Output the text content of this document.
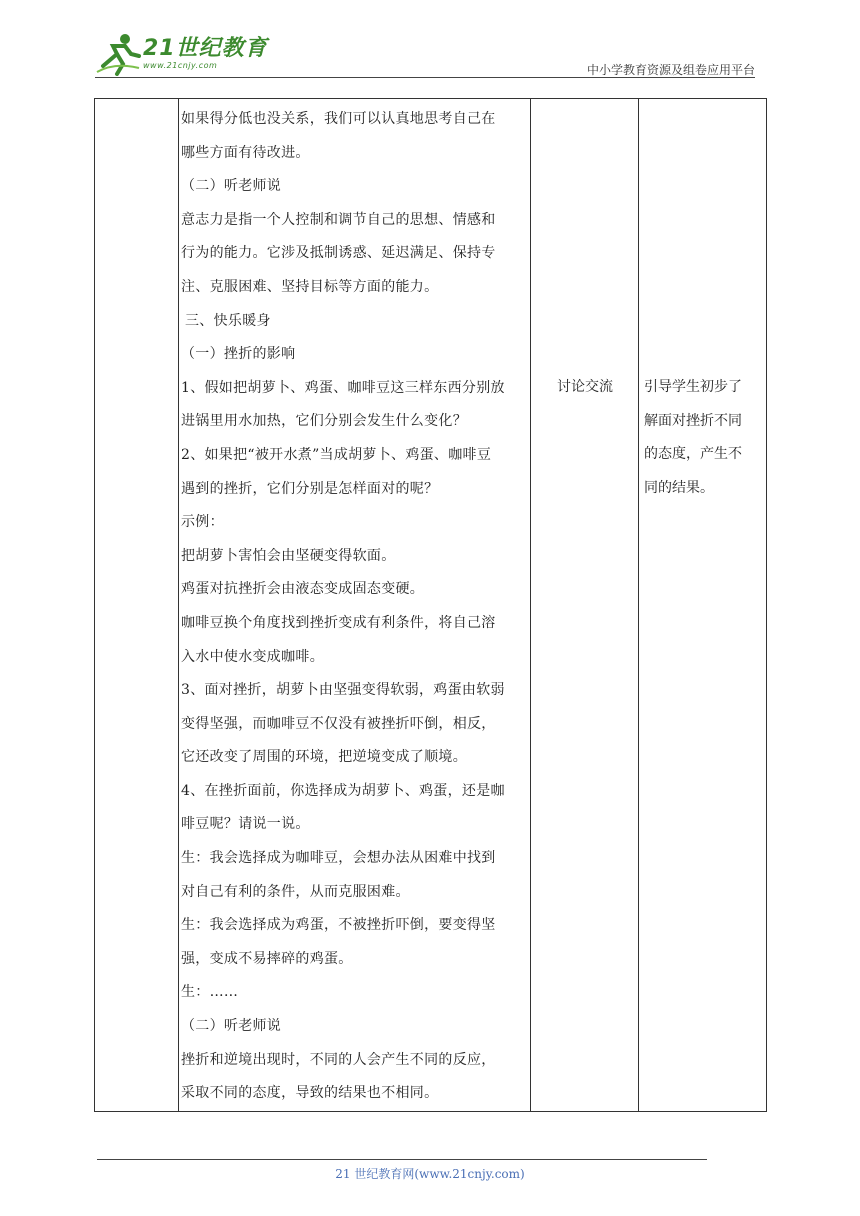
21世纪教育
www.21cnjy.com	中小学教育资源及组卷应用平台

如果得分低也没关系，我们可以认真地思考自己在

哪些方面有待改进。

（二）听老师说

意志力是指一个人控制和调节自己的思想、情感和

行为的能力。它涉及抵制诱惑、延迟满足、保持专

注、克服困难、坚持目标等方面的能力。

三、快乐暖身

（一）挫折的影响

1、假如把胡萝卜、鸡蛋、咖啡豆这三样东西分别放

进锅里用水加热，它们分别会发生什么变化？

2、如果把“被开水煮”当成胡萝卜、鸡蛋、咖啡豆

遇到的挫折，它们分别是怎样面对的呢？

示例：

把胡萝卜害怕会由坚硬变得软面。

鸡蛋对抗挫折会由液态变成固态变硬。

咖啡豆换个角度找到挫折变成有利条件，将自己溶

入水中使水变成咖啡。

3、面对挫折，胡萝卜由坚强变得软弱，鸡蛋由软弱

变得坚强，而咖啡豆不仅没有被挫折吓倒，相反，

它还改变了周围的环境，把逆境变成了顺境。

4、在挫折面前，你选择成为胡萝卜、鸡蛋，还是咖

啡豆呢？请说一说。

生：我会选择成为咖啡豆，会想办法从困难中找到

对自己有利的条件，从而克服困难。

生：我会选择成为鸡蛋，不被挫折吓倒，要变得坚

强，变成不易摔碎的鸡蛋。

生：……

（二）听老师说

挫折和逆境出现时，不同的人会产生不同的反应，

采取不同的态度，导致的结果也不相同。

讨论交流	引导学生初步了
解面对挫折不同
的态度，产生不
同的结果。
21 世纪教育网(www.21cnjy.com)
